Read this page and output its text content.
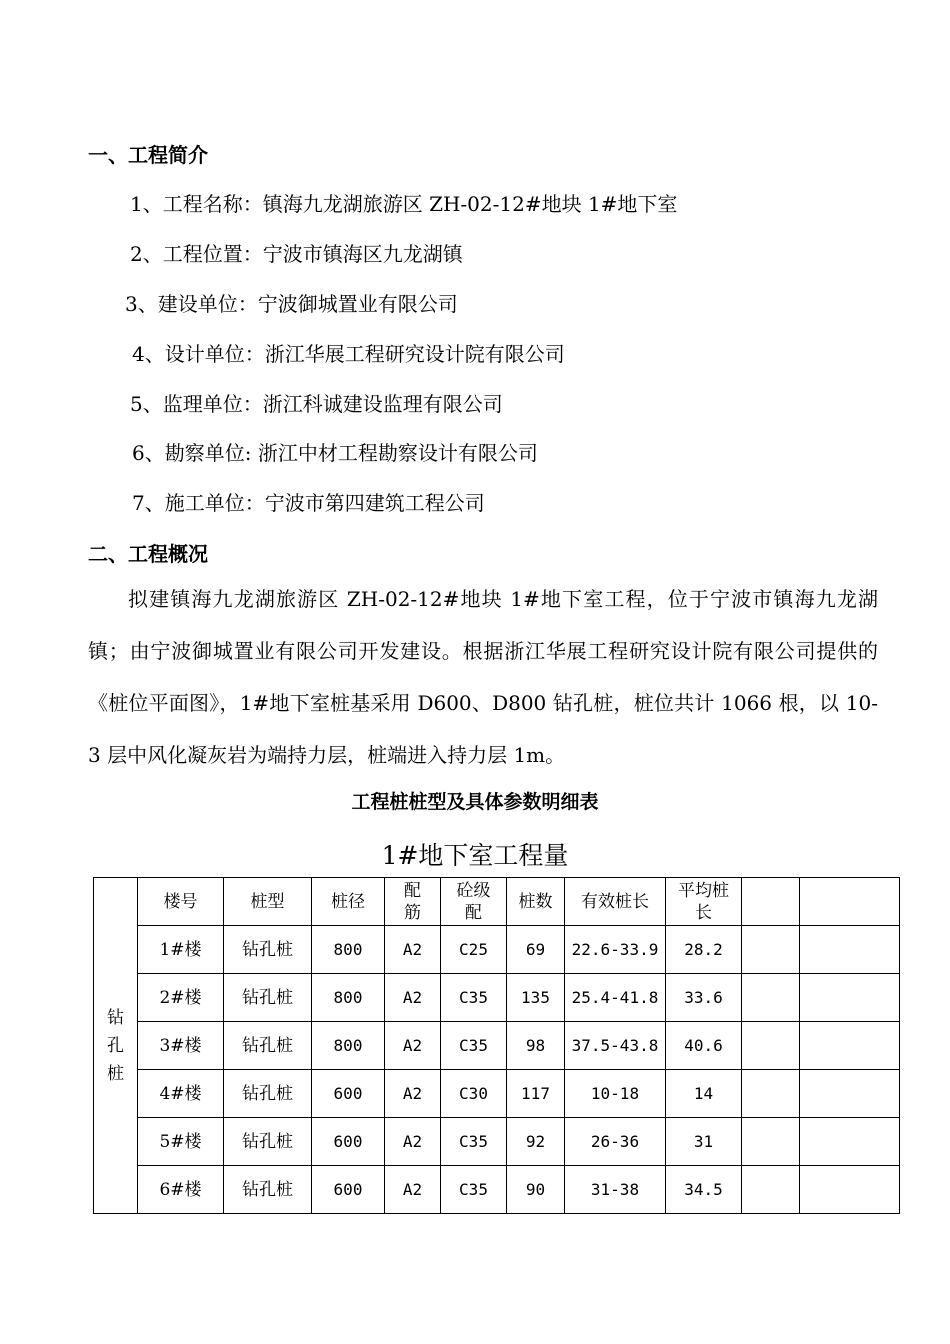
一、工程简介
1、工程名称：镇海九龙湖旅游区 ZH-02-12#地块 1#地下室
2、工程位置：宁波市镇海区九龙湖镇
3、建设单位：宁波御城置业有限公司
4、设计单位：浙江华展工程研究设计院有限公司
5、监理单位：浙江科诚建设监理有限公司
6、勘察单位: 浙江中材工程勘察设计有限公司
7、施工单位：宁波市第四建筑工程公司
二、工程概况
拟建镇海九龙湖旅游区 ZH-02-12#地块 1#地下室工程，位于宁波市镇海九龙湖镇；由宁波御城置业有限公司开发建设。根据浙江华展工程研究设计院有限公司提供的《桩位平面图》，1#地下室桩基采用 D600、D800 钻孔桩，桩位共计 1066 根，以 10-3 层中风化凝灰岩为端持力层，桩端进入持力层 1m。
工程桩桩型及具体参数明细表
1#地下室工程量
钻孔桩	楼号	桩型	桩径	配筋	砼级配	桩数	有效桩长	平均桩长		
	1#楼	钻孔桩	800	A2	C25	69	22.6-33.9	28.2		
	2#楼	钻孔桩	800	A2	C35	135	25.4-41.8	33.6		
	3#楼	钻孔桩	800	A2	C35	98	37.5-43.8	40.6		
	4#楼	钻孔桩	600	A2	C30	117	10-18	14		
	5#楼	钻孔桩	600	A2	C35	92	26-36	31		
	6#楼	钻孔桩	600	A2	C35	90	31-38	34.5		
